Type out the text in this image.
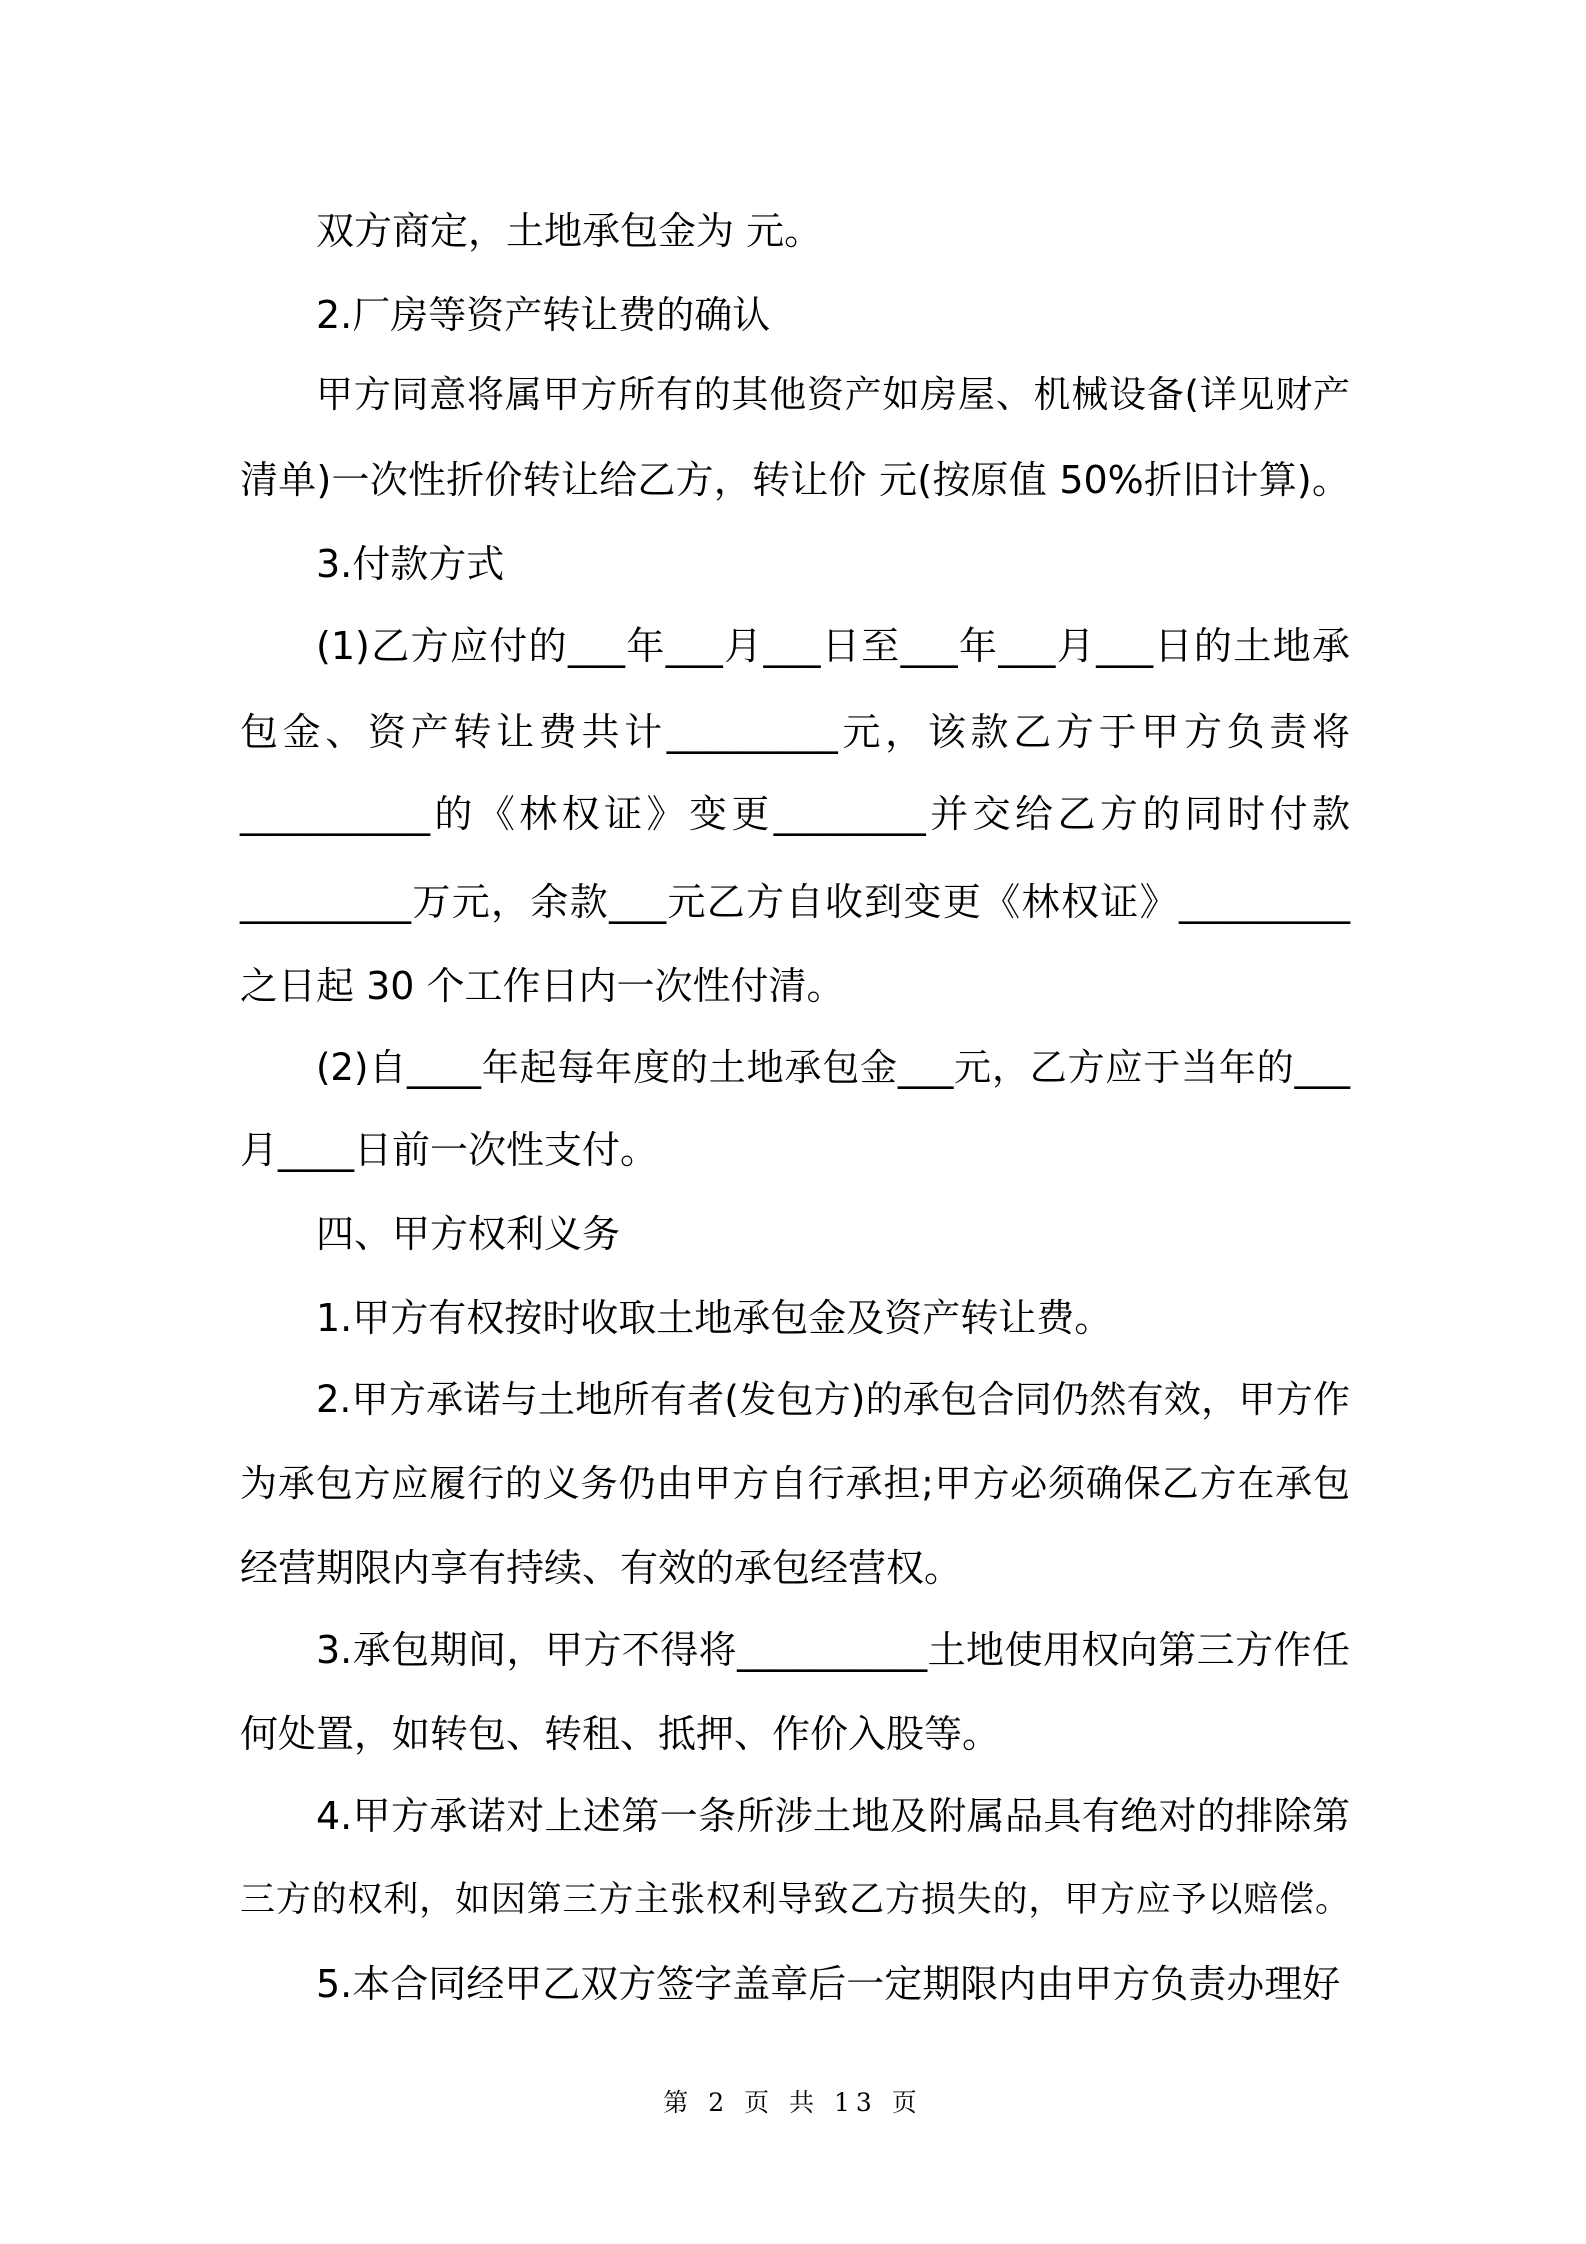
双方商定，土地承包金为 元。

2.厂房等资产转让费的确认

甲方同意将属甲方所有的其他资产如房屋、机械设备(详见财产

清单)一次性折价转让给乙方，转让价 元(按原值 50%折旧计算)。

3.付款方式

(1)乙方应付的___年___月___日至___年___月___日的土地承

包金、资产转让费共计_________元，该款乙方于甲方负责将

__________的《林权证》变更________并交给乙方的同时付款

_________万元，余款___元乙方自收到变更《林权证》_________

之日起 30 个工作日内一次性付清。

(2)自____年起每年度的土地承包金___元，乙方应于当年的___

月____日前一次性支付。

四、甲方权利义务

1.甲方有权按时收取土地承包金及资产转让费。

2.甲方承诺与土地所有者(发包方)的承包合同仍然有效，甲方作

为承包方应履行的义务仍由甲方自行承担;甲方必须确保乙方在承包

经营期限内享有持续、有效的承包经营权。

3.承包期间，甲方不得将__________土地使用权向第三方作任

何处置，如转包、转租、抵押、作价入股等。

4.甲方承诺对上述第一条所涉土地及附属品具有绝对的排除第

三方的权利，如因第三方主张权利导致乙方损失的，甲方应予以赔偿。

5.本合同经甲乙双方签字盖章后一定期限内由甲方负责办理好

第 2 页 共 13 页
